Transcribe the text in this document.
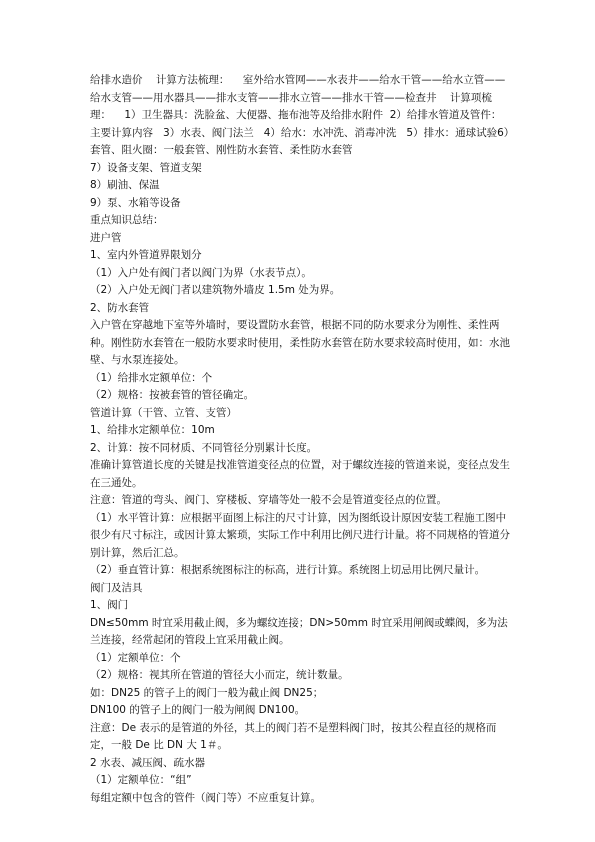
给排水造价    计算方法梳理：    室外给水管网——水表井——给水干管——给水立管——给水支管——用水器具——排水支管——排水立管——排水干管——检查井    计算项梳理：    1）卫生器具：洗脸盆、大便器、拖布池等及给排水附件  2）给排水管道及管件：主要计算内容   3）水表、阀门法兰   4）给水：水冲洗、消毒冲洗   5）排水：通球试验6）套管、阻火圈：一般套管、刚性防水套管、柔性防水套管

7）设备支架、管道支架

8）刷油、保温

9）泵、水箱等设备

重点知识总结：

进户管

1、室内外管道界限划分

（1）入户处有阀门者以阀门为界（水表节点）。

（2）入户处无阀门者以建筑物外墙皮 1.5m 处为界。

2、防水套管

入户管在穿越地下室等外墙时，要设置防水套管，根据不同的防水要求分为刚性、柔性两种。刚性防水套管在一般防水要求时使用，柔性防水套管在防水要求较高时使用，如：水池壁、与水泵连接处。

（1）给排水定额单位：个

（2）规格：按被套管的管径确定。

管道计算（干管、立管、支管）

1、给排水定额单位：10m

2、计算：按不同材质、不同管径分别累计长度。

准确计算管道长度的关键是找准管道变径点的位置，对于螺纹连接的管道来说，变径点发生在三通处。

注意：管道的弯头、阀门、穿楼板、穿墙等处一般不会是管道变径点的位置。

（1）水平管计算：应根据平面图上标注的尺寸计算，因为图纸设计原因安装工程施工图中很少有尺寸标注，或因计算太繁琐，实际工作中利用比例尺进行计量。将不同规格的管道分别计算，然后汇总。

（2）垂直管计算：根据系统图标注的标高，进行计算。系统图上切忌用比例尺量计。

阀门及洁具

1、阀门

DN≤50mm 时宜采用截止阀，多为螺纹连接；DN>50mm 时宜采用闸阀或蝶阀，多为法兰连接，经常起闭的管段上宜采用截止阀。

（1）定额单位：个

（2）规格：视其所在管道的管径大小而定，统计数量。

如：DN25 的管子上的阀门一般为截止阀 DN25；

DN100 的管子上的阀门一般为闸阀 DN100。

注意：De 表示的是管道的外径，其上的阀门若不是塑料阀门时，按其公程直径的规格而定，一般 De 比 DN 大 1＃。

2 水表、减压阀、疏水器

（1）定额单位：“组”

每组定额中包含的管件（阀门等）不应重复计算。
